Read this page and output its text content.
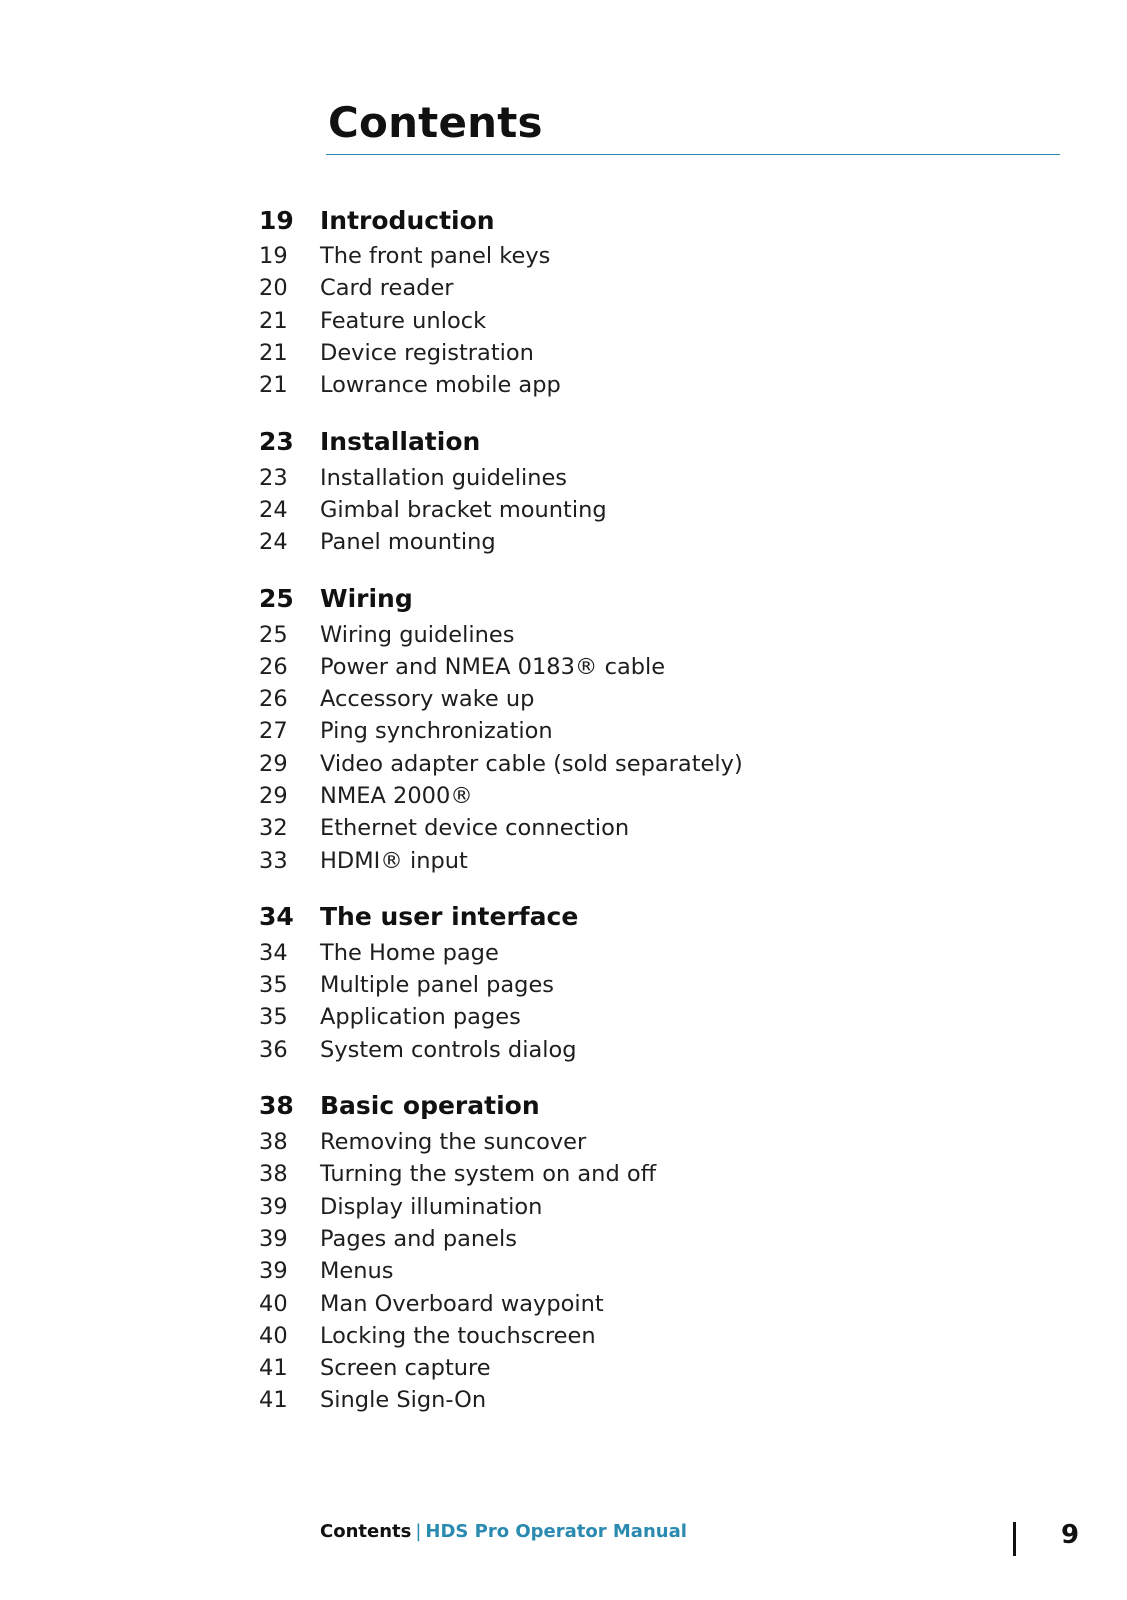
Contents
19	Introduction
19	The front panel keys
20	Card reader
21	Feature unlock
21	Device registration
21	Lowrance mobile app
23	Installation
23	Installation guidelines
24	Gimbal bracket mounting
24	Panel mounting
25	Wiring
25	Wiring guidelines
26	Power and NMEA 0183® cable
26	Accessory wake up
27	Ping synchronization
29	Video adapter cable (sold separately)
29	NMEA 2000®
32	Ethernet device connection
33	HDMI® input
34	The user interface
34	The Home page
35	Multiple panel pages
35	Application pages
36	System controls dialog
38	Basic operation
38	Removing the suncover
38	Turning the system on and off
39	Display illumination
39	Pages and panels
39	Menus
40	Man Overboard waypoint
40	Locking the touchscreen
41	Screen capture
41	Single Sign-On
Contents | HDS Pro Operator Manual	9
